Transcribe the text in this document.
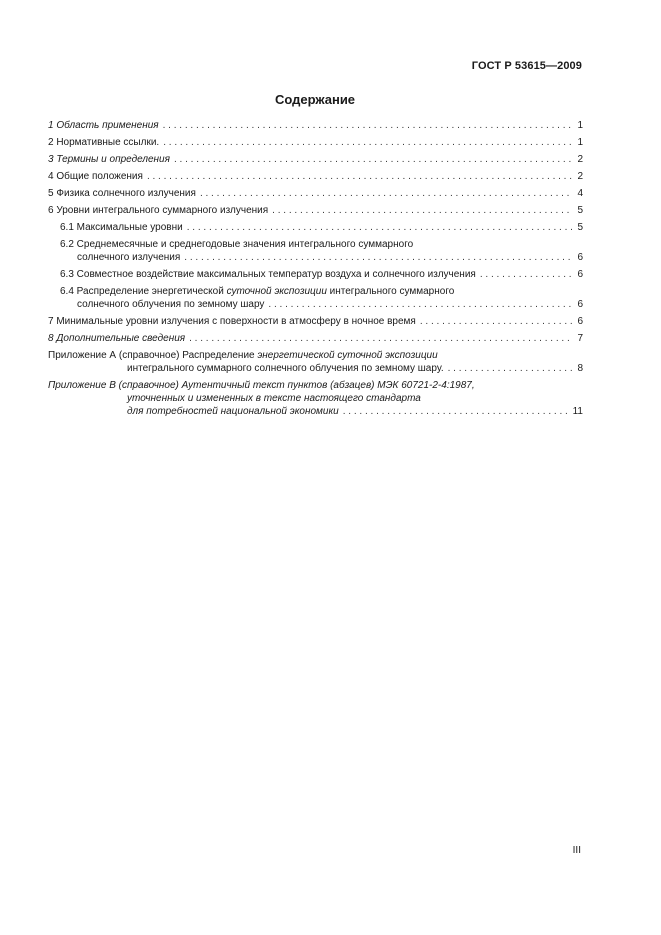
ГОСТ Р 53615—2009
Содержание
1 Область применения . . .	1
2 Нормативные ссылки. . . .	1
3 Термины и определения . . .	2
4 Общие положения . . .	2
5 Физика солнечного излучения . . .	4
6 Уровни интегрального суммарного излучения . . .	5
6.1 Максимальные уровни . . .	5
6.2 Среднемесячные и среднегодовые значения интегрального суммарного
солнечного излучения . . .	6
6.3 Совместное воздействие максимальных температур воздуха и солнечного излучения . . .	6
6.4 Распределение энергетической суточной экспозиции интегрального суммарного
солнечного облучения по земному шару . . .	6
7 Минимальные уровни излучения с поверхности в атмосферу в ночное время . . .	6
8 Дополнительные сведения . . .	7
Приложение А (справочное) Распределение энергетической суточной экспозиции
интегрального суммарного солнечного облучения по земному шару. . . .	8
Приложение В (справочное) Аутентичный текст пунктов (абзацев) МЭК 60721-2-4:1987,
уточненных и измененных в тексте настоящего стандарта
для потребностей национальной экономики . . .	11
III
